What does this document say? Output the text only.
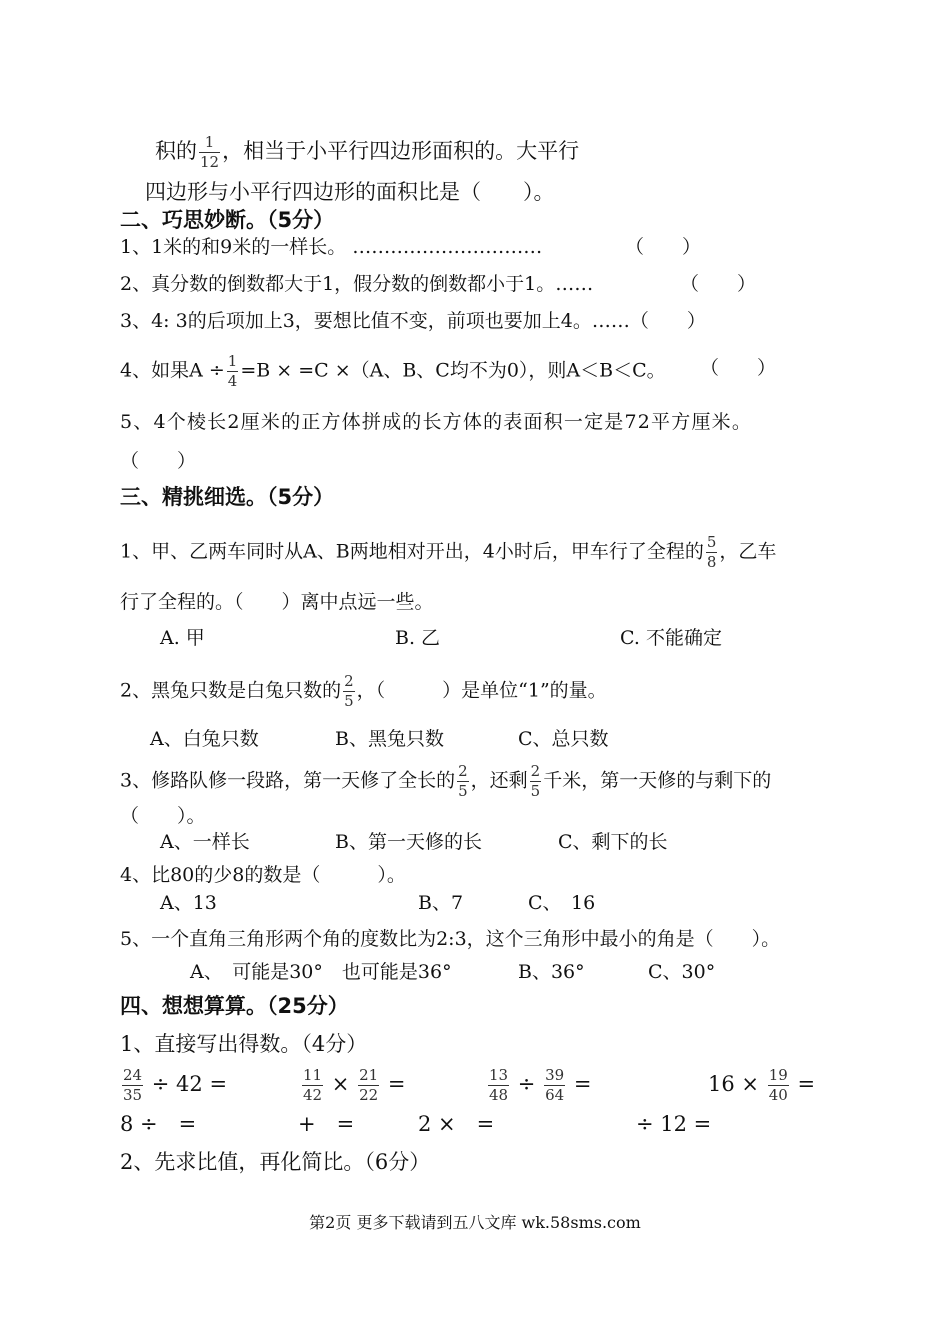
积的 $\frac{1}{12}$ ，相当于小平行四边形面积的。大平行
四边形与小平行四边形的面积比是（　　）。
二、巧思妙断。（5分）
1、1米的和9米的一样长。 …………………………	（　　）
2、真分数的倒数都大于1，假分数的倒数都小于1。……	（　　）
3、4: 3的后项加上3，要想比值不变，前项也要加上4。……（　　）
4、如果$A \div \frac{1}{4} =B \times =C \times(A$、B、C均不为0），则A＜B＜C。 （　　）
5、4个棱长2厘米的正方体拼成的长方体的表面积一定是72平方厘米。
（　　）
三、精挑细选。（5分）
1、甲、乙两车同时从A、B两地相对开出，4小时后，甲车行了全程的 $\frac{5}{8}$ ，乙车
行了全程的。（　　）离中点远一些。
A. 甲	B. 乙	C. 不能确定
2、黑兔只数是白兔只数的 $\frac{2}{5}$ ，（　　　）是单位“1”的量。
A、白兔只数	B、黑兔只数	C、总只数
3、修路队修一段路，第一天修了全长的 $\frac{2}{5}$ ，还剩 $\frac{2}{5}$ 千米，第一天修的与剩下的
（　　）。
A、一样长	B、第一天修的长	C、剩下的长
4、比80的少8的数是（　　　）。
A、13	B、7	C、　16
5、一个直角三角形两个角的度数比为2:3，这个三角形中最小的角是（　　）。
A、　可能是30°　也可能是36°	B、36°	C、30°
四、想想算算。（25分）
1、直接写出得数。（4分）
$\frac{24}{35} \div 42$ =	$\frac{11}{42} \times \frac{21}{22}$ =	$\frac{13}{48} \div \frac{39}{64}$ =	$16 \times \frac{19}{40}$ =
8 ÷　=	+　=	2 ×　=	÷ 12 =
2、先求比值，再化简比。（6分）
第2页 更多下载请到五八文库 wk.58sms.com
